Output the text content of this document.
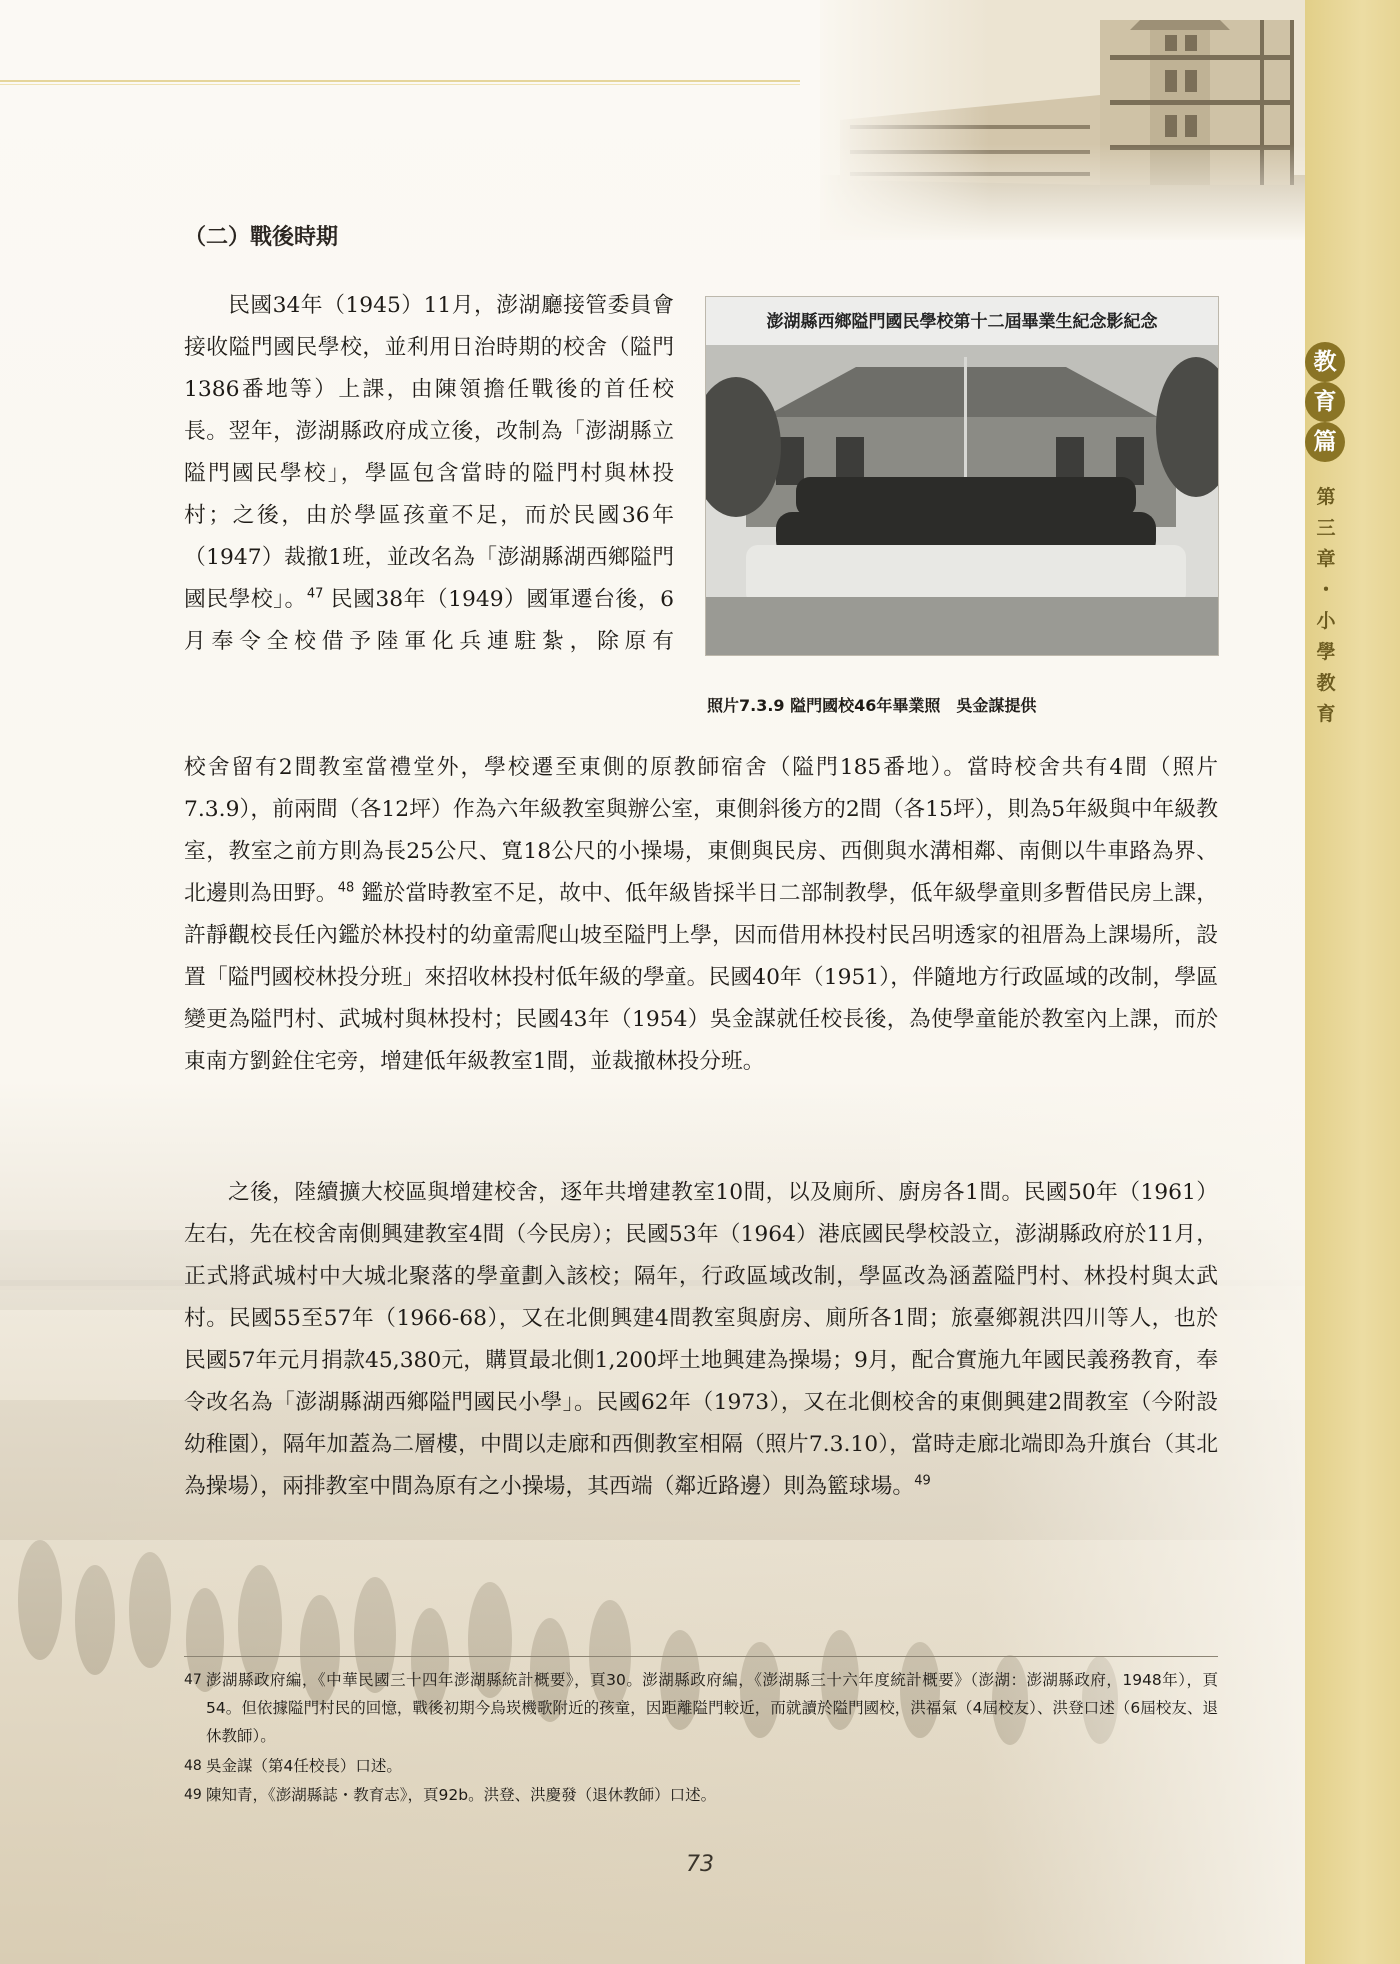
教
育
篇
第
三
章
・
小
學
教
育
（二）戰後時期
澎湖縣西鄉隘門國民學校第十二屆畢業生紀念影紀念

照片7.3.9 隘門國校46年畢業照　吳金謀提供

民國34年（1945）11月，澎湖廳接管委員會接收隘門國民學校，並利用日治時期的校舍（隘門1386番地等）上課，由陳領擔任戰後的首任校長。翌年，澎湖縣政府成立後，改制為「澎湖縣立隘門國民學校」，學區包含當時的隘門村與林投村；之後，由於學區孩童不足，而於民國36年（1947）裁撤1班，並改名為「澎湖縣湖西鄉隘門國民學校」。$^{47}$ 民國38年（1949）國軍遷台後，6月奉令全校借予陸軍化兵連駐紮，除原有

校舍留有2間教室當禮堂外，學校遷至東側的原教師宿舍（隘門185番地）。當時校舍共有4間（照片7.3.9），前兩間（各12坪）作為六年級教室與辦公室，東側斜後方的2間（各15坪），則為5年級與中年級教室，教室之前方則為長25公尺、寬18公尺的小操場，東側與民房、西側與水溝相鄰、南側以牛車路為界、北邊則為田野。$^{48}$ 鑑於當時教室不足，故中、低年級皆採半日二部制教學，低年級學童則多暫借民房上課，許靜觀校長任內鑑於林投村的幼童需爬山坡至隘門上學，因而借用林投村民呂明透家的祖厝為上課場所，設置「隘門國校林投分班」來招收林投村低年級的學童。民國40年（1951），伴隨地方行政區域的改制，學區變更為隘門村、武城村與林投村；民國43年（1954）吳金謀就任校長後，為使學童能於教室內上課，而於東南方劉銓住宅旁，增建低年級教室1間，並裁撤林投分班。

之後，陸續擴大校區與增建校舍，逐年共增建教室10間，以及廁所、廚房各1間。民國50年（1961）左右，先在校舍南側興建教室4間（今民房）；民國53年（1964）港底國民學校設立，澎湖縣政府於11月，正式將武城村中大城北聚落的學童劃入該校；隔年，行政區域改制，學區改為涵蓋隘門村、林投村與太武村。民國55至57年（1966-68），又在北側興建4間教室與廚房、廁所各1間；旅臺鄉親洪四川等人，也於民國57年元月捐款45,380元，購買最北側1,200坪土地興建為操場；9月，配合實施九年國民義務教育，奉令改名為「澎湖縣湖西鄉隘門國民小學」。民國62年（1973），又在北側校舍的東側興建2間教室（今附設幼稚園），隔年加蓋為二層樓，中間以走廊和西側教室相隔（照片7.3.10），當時走廊北端即為升旗台（其北為操場），兩排教室中間為原有之小操場，其西端（鄰近路邊）則為籃球場。$^{49}$

47 澎湖縣政府編，《中華民國三十四年澎湖縣統計概要》，頁30。澎湖縣政府編，《澎湖縣三十六年度統計概要》（澎湖：澎湖縣政府，1948年），頁54。但依據隘門村民的回憶，戰後初期今烏崁機歌附近的孩童，因距離隘門較近，而就讀於隘門國校，洪福氣（4屆校友）、洪登口述（6屆校友、退休教師）。

48 吳金謀（第4任校長）口述。

49 陳知青，《澎湖縣誌・教育志》，頁92b。洪登、洪慶發（退休教師）口述。

73
